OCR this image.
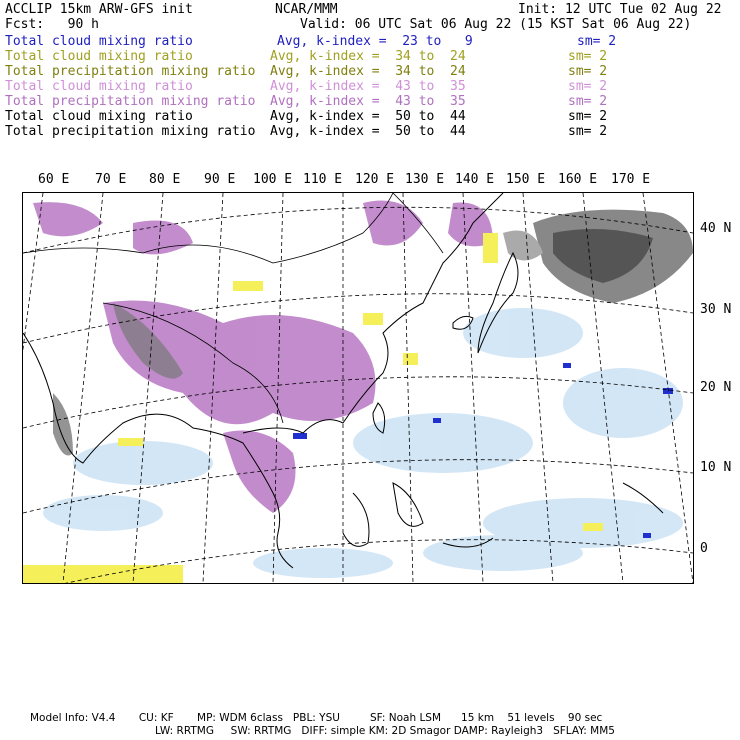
ACCLIP 15km ARW-GFS init	NCAR/MMM	Init: 12 UTC Tue 02 Aug 22
Fcst:   90 h	Valid: 06 UTC Sat 06 Aug 22 (15 KST Sat 06 Aug 22)
Total cloud mixing ratio	Avg, k-index =  23 to   9	sm= 2
Total cloud mixing ratio	Avg, k-index =  34 to  24	sm= 2
Total precipitation mixing ratio Avg, k-index =  34 to  24	sm= 2
Total cloud mixing ratio	Avg, k-index =  43 to  35	sm= 2
Total precipitation mixing ratio Avg, k-index =  43 to  35	sm= 2
Total cloud mixing ratio	Avg, k-index =  50 to  44	sm= 2
Total precipitation mixing ratio Avg, k-index =  50 to  44	sm= 2
60 E 70 E 80 E 90 E 100 E 110 E 120 E 130 E 140 E 150 E 160 E 170 E
40 N
30 N
20 N
10 N
0
Model Info: V4.4       CU: KF       MP: WDM 6class   PBL: YSU         SF: Noah LSM      15 km    51 levels    90 sec
LW: RRTMG     SW: RRTMG   DIFF: simple KM: 2D Smagor DAMP: Rayleigh3   SFLAY: MM5
